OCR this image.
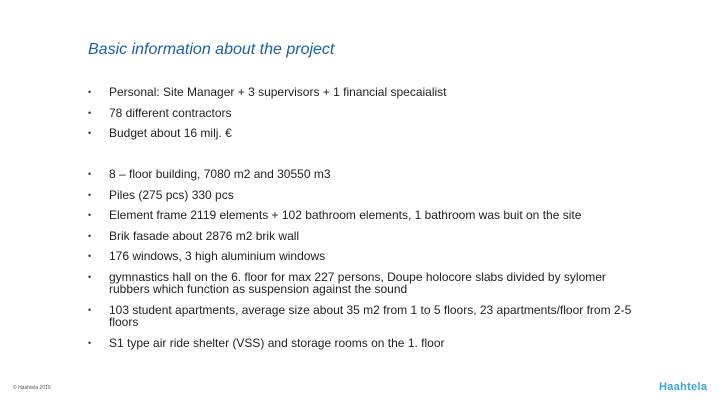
Basic information about the project
• Personal: Site Manager + 3 supervisors + 1 financial specaialist
• 78 different contractors
• Budget about 16 milj. €
• 8 – floor building, 7080 m2 and 30550 m3
• Piles (275 pcs) 330 pcs
• Element frame 2119 elements + 102 bathroom elements, 1 bathroom was buit on the site
• Brik fasade about 2876 m2 brik wall
• 176 windows, 3 high aluminium windows
• gymnastics hall on the 6. floor for max 227 persons, Doupe holocore slabs divided by sylomer rubbers which function as suspension against the sound
• 103 student apartments, average size about 35 m2 from 1 to 5 floors, 23 apartments/floor from 2-5 floors
• S1 type air ride shelter (VSS) and storage rooms on the 1. floor
© Haahtela 2019	Haahtela
